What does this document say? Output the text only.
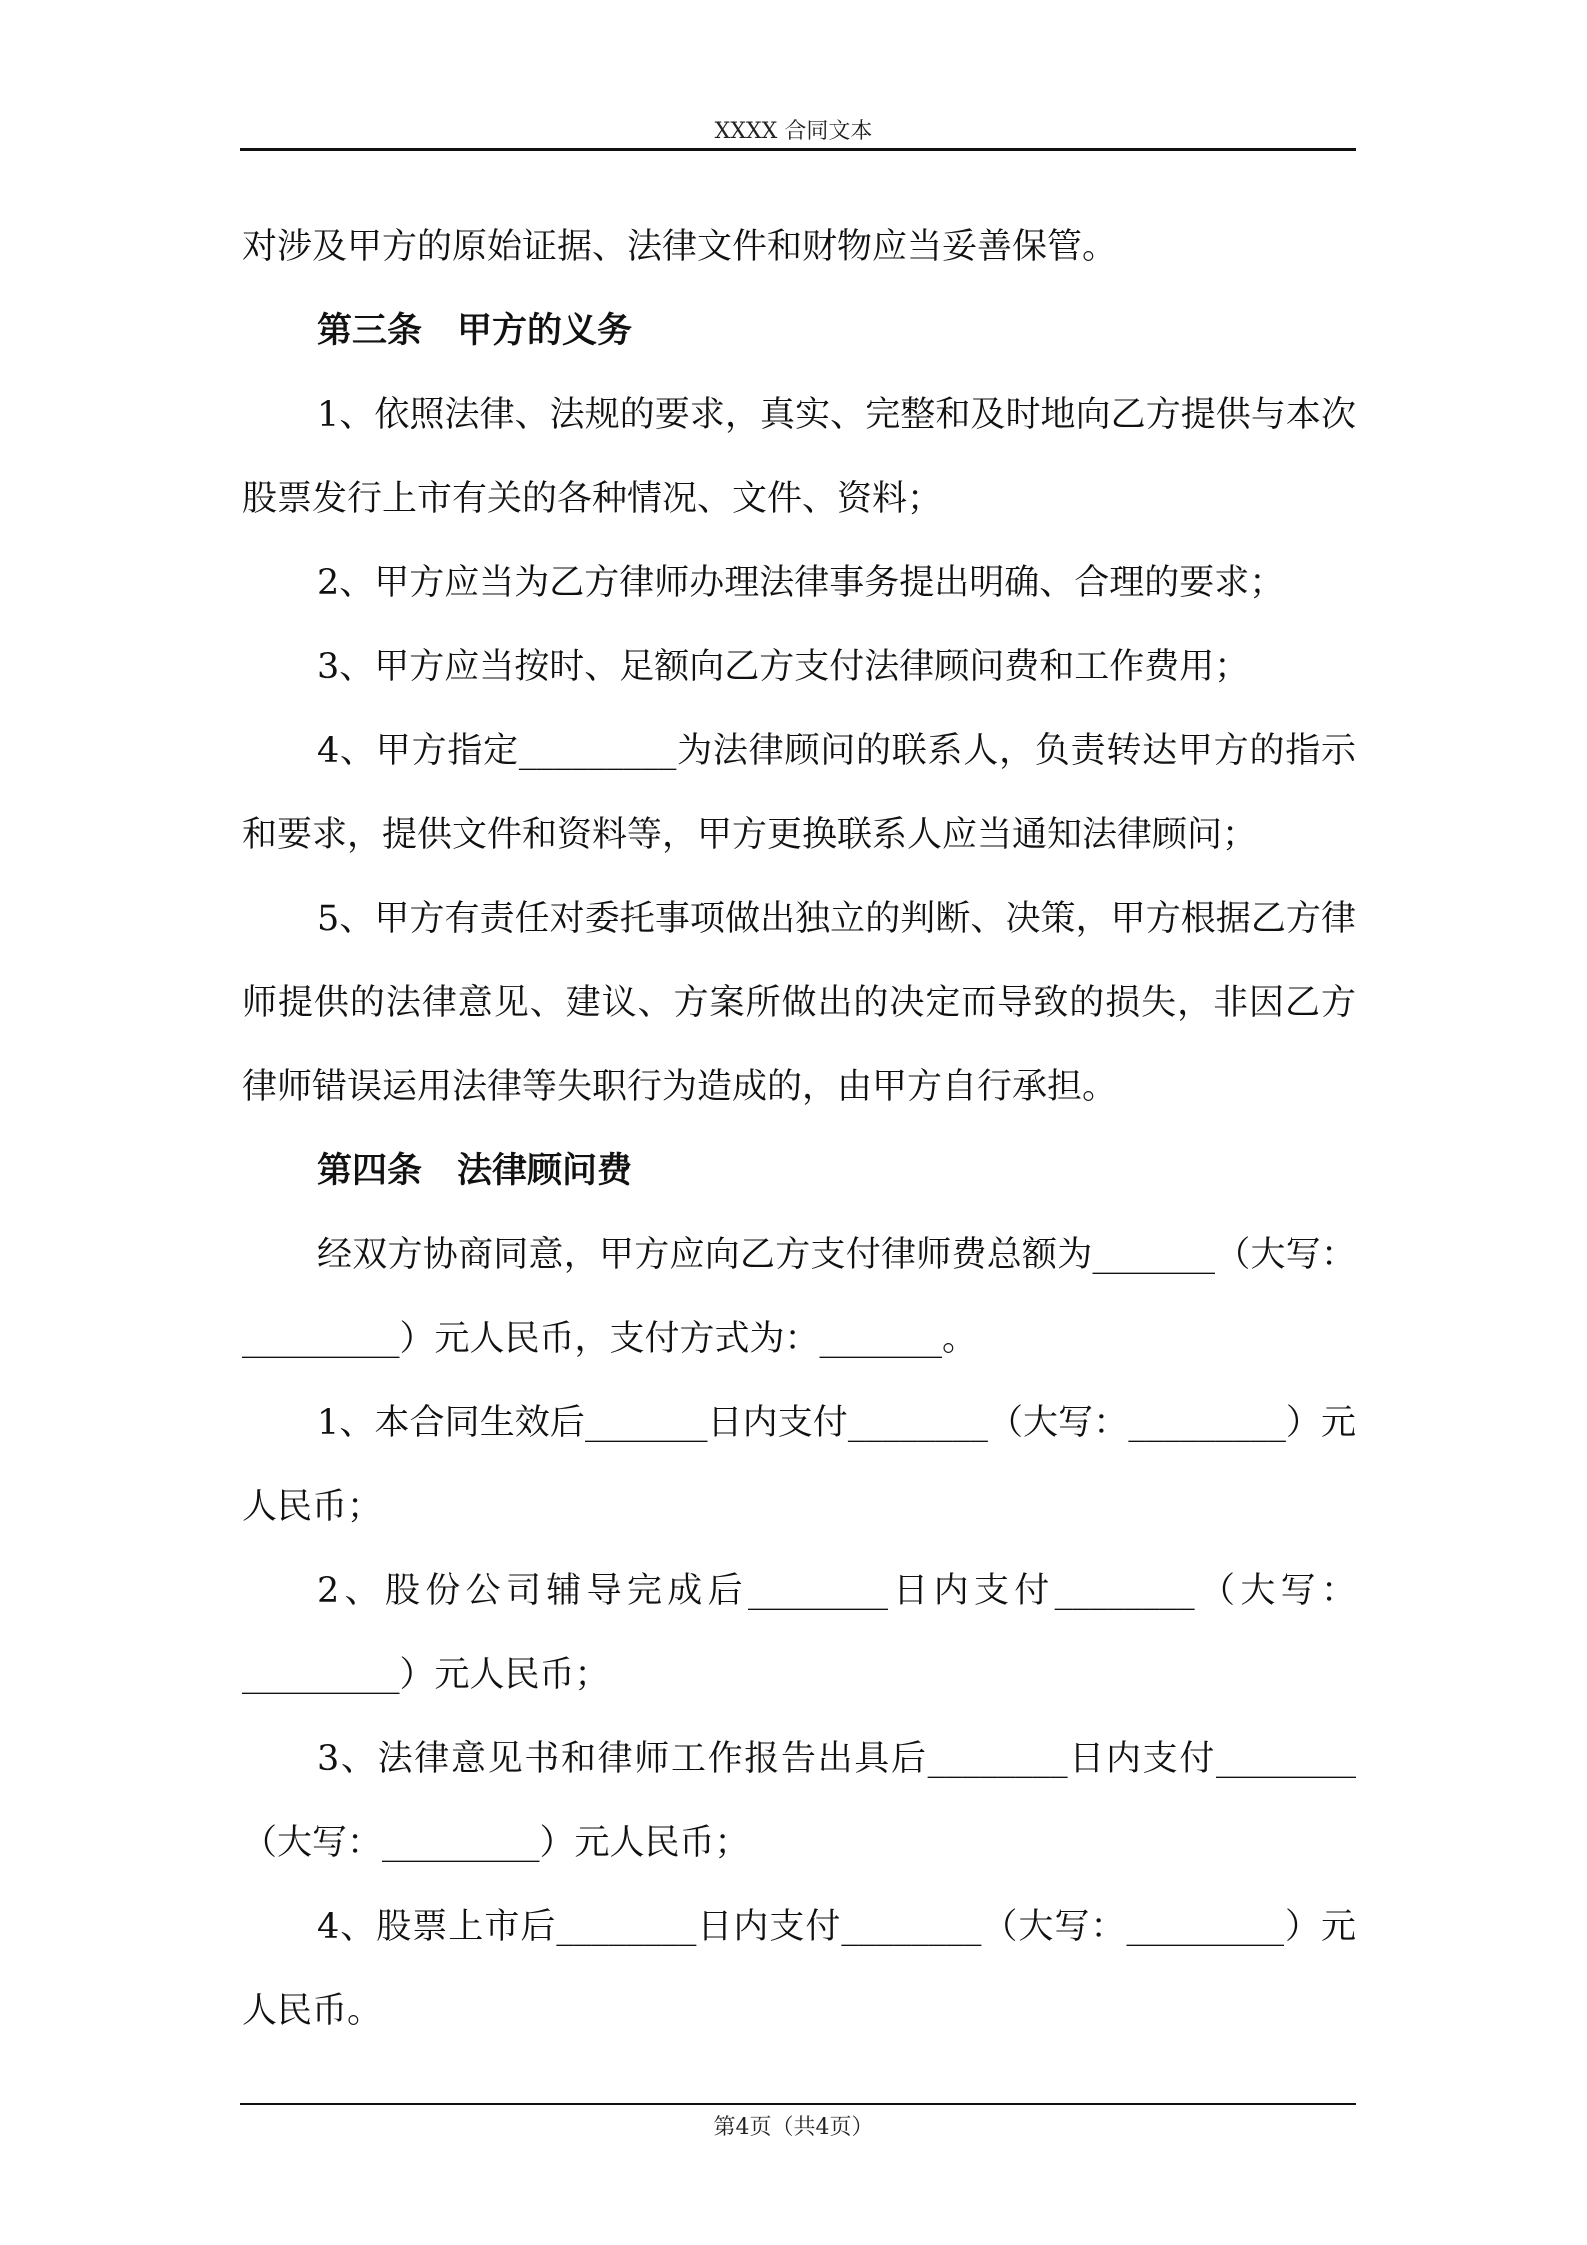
XXXX 合同文本

对涉及甲方的原始证据、法律文件和财物应当妥善保管。

第三条 甲方的义务

1、依照法律、法规的要求，真实、完整和及时地向乙方提供与本次股票发行上市有关的各种情况、文件、资料；

2、甲方应当为乙方律师办理法律事务提出明确、合理的要求；

3、甲方应当按时、足额向乙方支付法律顾问费和工作费用；

4、甲方指定_________为法律顾问的联系人，负责转达甲方的指示和要求，提供文件和资料等，甲方更换联系人应当通知法律顾问；

5、甲方有责任对委托事项做出独立的判断、决策，甲方根据乙方律师提供的法律意见、建议、方案所做出的决定而导致的损失，非因乙方律师错误运用法律等失职行为造成的，由甲方自行承担。

第四条 法律顾问费

经双方协商同意，甲方应向乙方支付律师费总额为_______（大写：_________）元人民币，支付方式为：_______。

1、本合同生效后_______日内支付________（大写：_________）元人民币；

2、股份公司辅导完成后________日内支付________（大写：_________）元人民币；

3、法律意见书和律师工作报告出具后________日内支付________（大写：_________）元人民币；

4、股票上市后________日内支付________（大写：_________）元人民币。

第4页（共4页）
